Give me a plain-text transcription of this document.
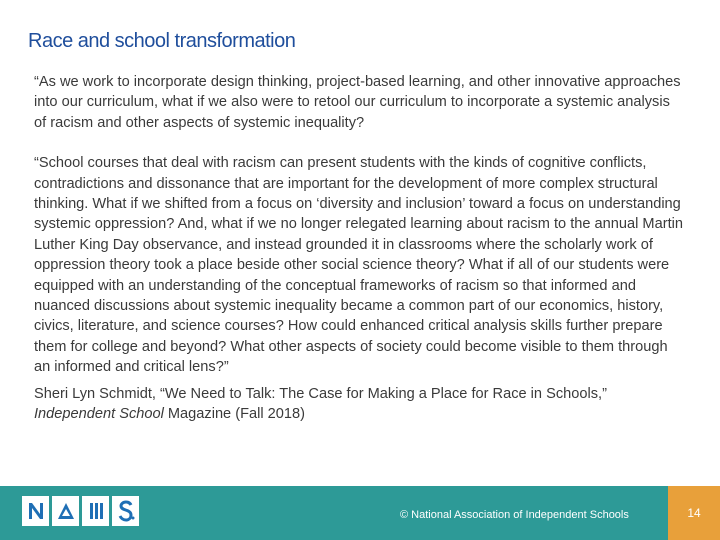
Race and school transformation

“As we work to incorporate design thinking, project-based learning, and other innovative approaches into our curriculum, what if we also were to retool our curriculum to incorporate a systemic analysis of racism and other aspects of systemic inequality?

“School courses that deal with racism can present students with the kinds of cognitive conflicts, contradictions and dissonance that are important for the development of more complex structural thinking. What if we shifted from a focus on ‘diversity and inclusion’ toward a focus on understanding systemic oppression? And, what if we no longer relegated learning about racism to the annual Martin Luther King Day observance, and instead grounded it in classrooms where the scholarly work of oppression theory took a place beside other social science theory? What if all of our students were equipped with an understanding of the conceptual frameworks of racism so that informed and nuanced discussions about systemic inequality became a common part of our economics, history, civics, literature, and science courses? How could enhanced critical analysis skills further prepare them for college and beyond? What other aspects of society could become visible to them through an informed and critical lens?”

Sheri Lyn Schmidt, “We Need to Talk: The Case for Making a Place for Race in Schools,”
Independent School Magazine (Fall 2018)

© National Association of Independent Schools	14
